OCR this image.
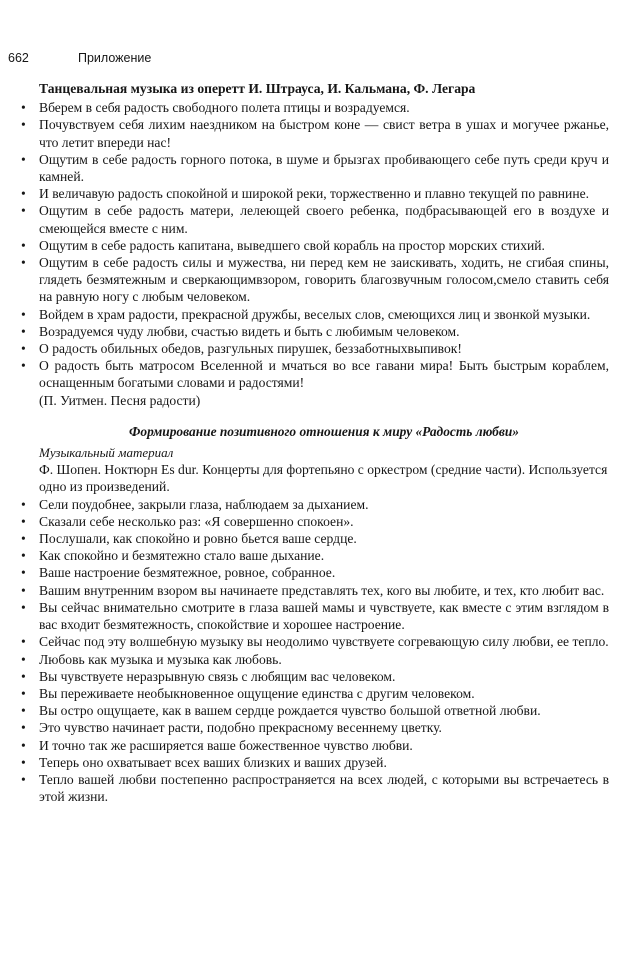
662	Приложение
Танцевальная музыка из оперетт И. Штрауса, И. Кальмана, Ф. Легара
• Вберем в себя радость свободного полета птицы и возрадуемся.
• Почувствуем себя лихим наездником на быстром коне — свист ветра в ушах и могучее ржанье, что летит впереди нас!
• Ощутим в себе радость горного потока, в шуме и брызгах пробивающего себе путь среди круч и камней.
• И величавую радость спокойной и широкой реки, торжественно и плавно текущей по равнине.
• Ощутим в себе радость матери, лелеющей своего ребенка, подбрасывающей его в воздухе и смеющейся вместе с ним.
• Ощутим в себе радость капитана, выведшего свой корабль на простор морских стихий.
• Ощутим в себе радость силы и мужества, ни перед кем не заискивать, ходить, не сгибая спины, глядеть безмятежным и сверкающимвзором, говорить благозвучным голосом,смело ставить себя на равную ногу с любым человеком.
• Войдем в храм радости, прекрасной дружбы, веселых слов, смеющихся лиц и звонкой музыки.
• Возрадуемся чуду любви, счастью видеть и быть с любимым человеком.
• О радость обильных обедов, разгульных пирушек, беззаботныхвыпивок!
• О радость быть матросом Вселенной и мчаться во все гавани мира! Быть быстрым кораблем, оснащенным богатыми словами и радостями!
(П. Уитмен. Песня радости)
Формирование позитивного отношения к миру «Радость любви»
Музыкальный материал
Ф. Шопен. Ноктюрн Es dur. Концерты для фортепьяно с оркестром (средние части). Используется одно из произведений.
• Сели поудобнее, закрыли глаза, наблюдаем за дыханием.
• Сказали себе несколько раз: «Я совершенно спокоен».
• Послушали, как спокойно и ровно бьется ваше сердце.
• Как спокойно и безмятежно стало ваше дыхание.
• Ваше настроение безмятежное, ровное, собранное.
• Вашим внутренним взором вы начинаете представлять тех, кого вы любите, и тех, кто любит вас.
• Вы сейчас внимательно смотрите в глаза вашей мамы и чувствуете, как вместе с этим взглядом в вас входит безмятежность, спокойствие и хорошее настроение.
• Сейчас под эту волшебную музыку вы неодолимо чувствуете согревающую силу любви, ее тепло.
• Любовь как музыка и музыка как любовь.
• Вы чувствуете неразрывную связь с любящим вас человеком.
• Вы переживаете необыкновенное ощущение единства с другим человеком.
• Вы остро ощущаете, как в вашем сердце рождается чувство большой ответной любви.
• Это чувство начинает расти, подобно прекрасному весеннему цветку.
• И точно так же расширяется ваше божественное чувство любви.
• Теперь оно охватывает всех ваших близких и ваших друзей.
• Тепло вашей любви постепенно распространяется на всех людей, с которыми вы встречаетесь в этой жизни.
